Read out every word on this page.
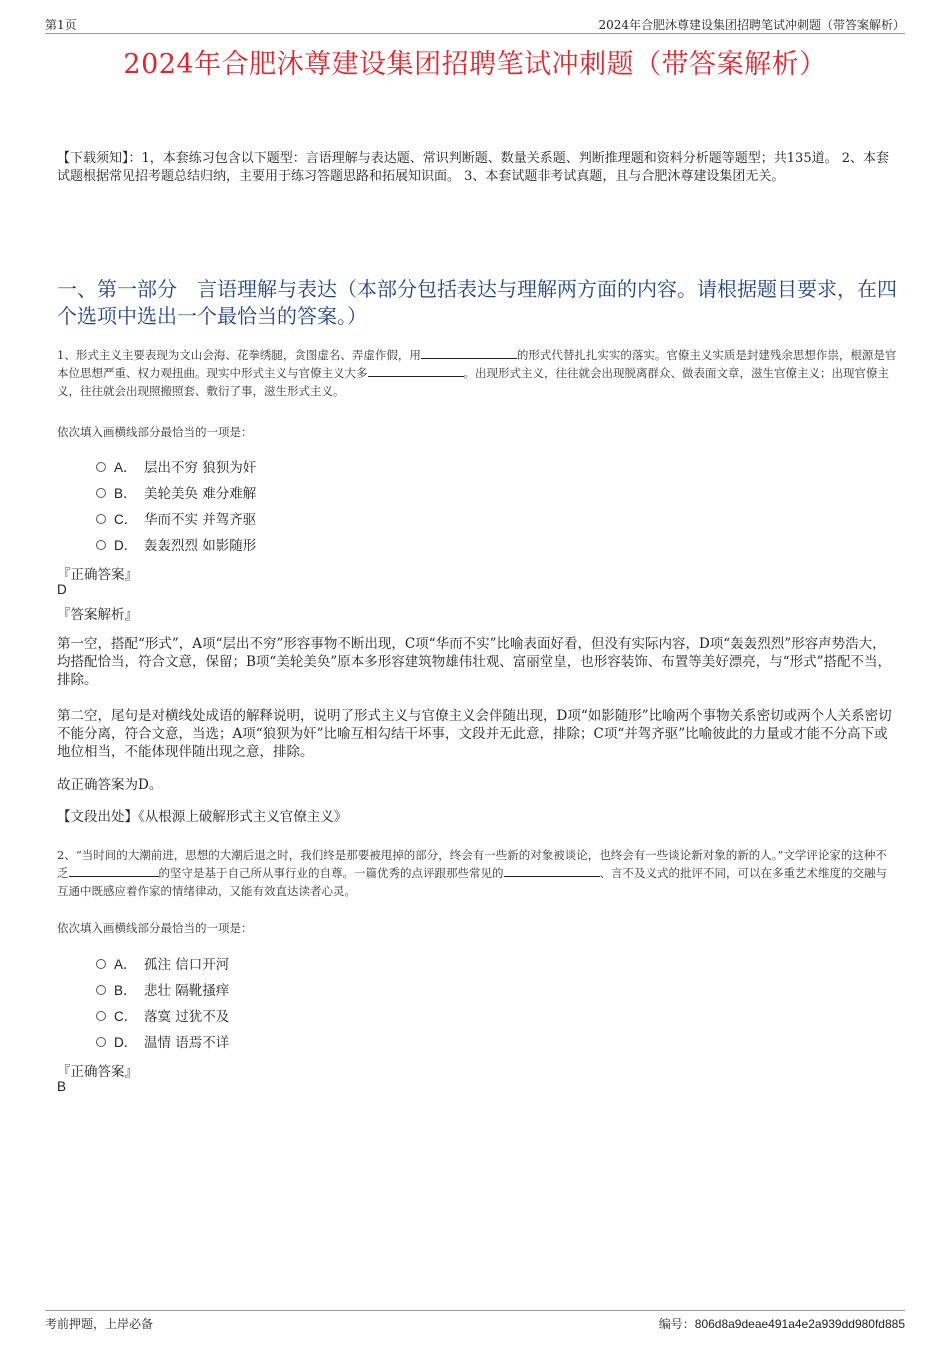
第1页	2024年合肥沐尊建设集团招聘笔试冲刺题（带答案解析）
2024年合肥沐尊建设集团招聘笔试冲刺题（带答案解析）
【下载须知】：1，本套练习包含以下题型：言语理解与表达题、常识判断题、数量关系题、判断推理题和资料分析题等题型；共135道。 2、本套试题根据常见招考题总结归纳，主要用于练习答题思路和拓展知识面。 3、本套试题非考试真题，且与合肥沐尊建设集团无关。
一、第一部分　言语理解与表达（本部分包括表达与理解两方面的内容。请根据题目要求，在四个选项中选出一个最恰当的答案。）
1、形式主义主要表现为文山会海、花拳绣腿，贪图虚名、弄虚作假，用	的形式代替扎扎实实的落实。官僚主义实质是封建残余思想作祟，根源是官本位思想严重、权力观扭曲。现实中形式主义与官僚主义大多	。出现形式主义，往往就会出现脱离群众、做表面文章，滋生官僚主义；出现官僚主义，往往就会出现照搬照套、敷衍了事，滋生形式主义。
依次填入画横线部分最恰当的一项是：
A． 层出不穷 狼狈为奸
B． 美轮美奂 难分难解
C． 华而不实 并驾齐驱
D． 轰轰烈烈 如影随形
『正确答案』
D
『答案解析』
第一空，搭配“形式”，A项“层出不穷”形容事物不断出现，C项“华而不实”比喻表面好看，但没有实际内容，D项“轰轰烈烈”形容声势浩大，均搭配恰当，符合文意，保留；B项“美轮美奂”原本多形容建筑物雄伟壮观、富丽堂皇，也形容装饰、布置等美好漂亮，与“形式”搭配不当，排除。
第二空，尾句是对横线处成语的解释说明，说明了形式主义与官僚主义会伴随出现，D项“如影随形”比喻两个事物关系密切或两个人关系密切不能分离，符合文意，当选；A项“狼狈为奸”比喻互相勾结干坏事，文段并无此意，排除；C项“并驾齐驱”比喻彼此的力量或才能不分高下或地位相当，不能体现伴随出现之意，排除。
故正确答案为D。
【文段出处】《从根源上破解形式主义官僚主义》
2、“当时间的大潮前进，思想的大潮后退之时，我们终是那要被甩掉的部分，终会有一些新的对象被谈论，也终会有一些谈论新对象的新的人。”文学评论家的这种不乏	的坚守是基于自己所从事行业的自尊。一篇优秀的点评跟那些常见的	、言不及义式的批评不同，可以在多重艺术维度的交融与互通中既感应着作家的情绪律动，又能有效直达读者心灵。
依次填入画横线部分最恰当的一项是：
A． 孤注 信口开河
B． 悲壮 隔靴搔痒
C． 落寞 过犹不及
D． 温情 语焉不详
『正确答案』
B
考前押题，上岸必备	编号：806d8a9deae491a4e2a939dd980fd885
